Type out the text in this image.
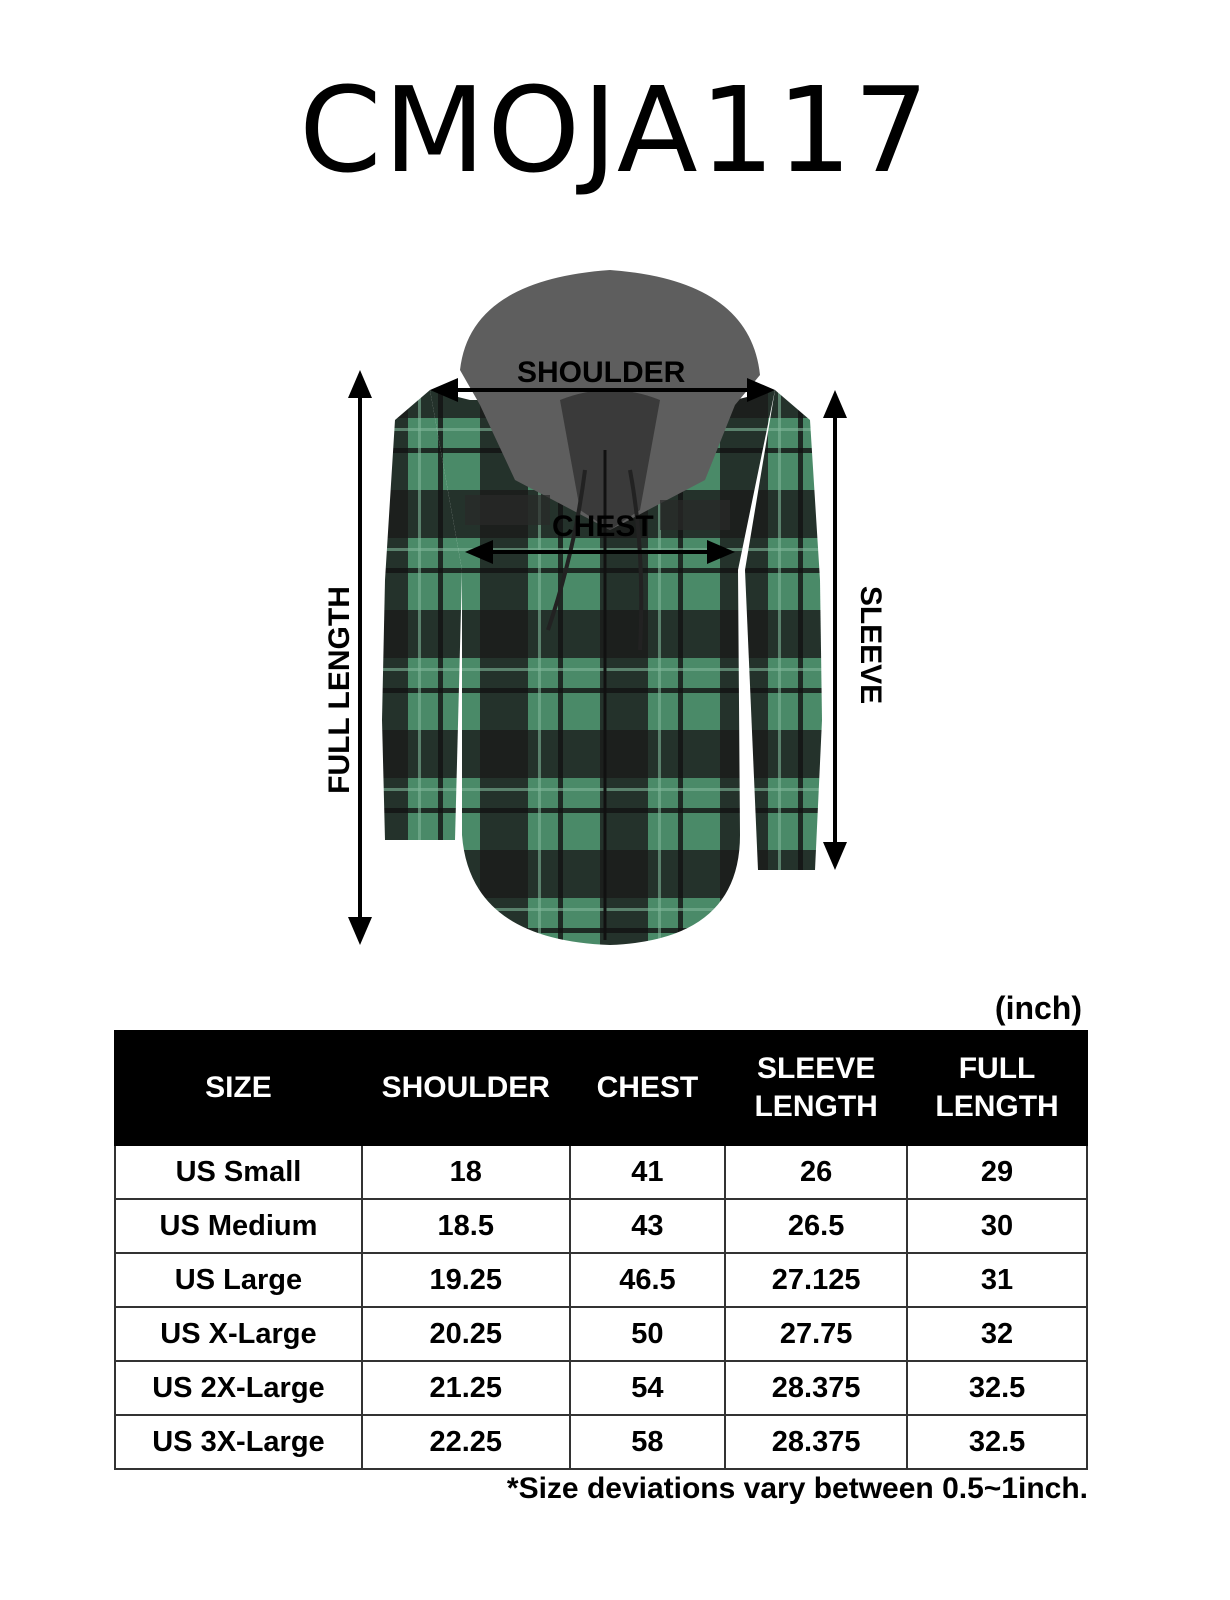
CMOJA117
SHOULDER
CHEST
FULL LENGTH	SLEEVE
(inch)
SIZE	SHOULDER	CHEST	SLEEVE LENGTH	FULL LENGTH
US Small	18	41	26	29
US Medium	18.5	43	26.5	30
US Large	19.25	46.5	27.125	31
US X-Large	20.25	50	27.75	32
US 2X-Large	21.25	54	28.375	32.5
US 3X-Large	22.25	58	28.375	32.5
*Size deviations vary between 0.5~1inch.
